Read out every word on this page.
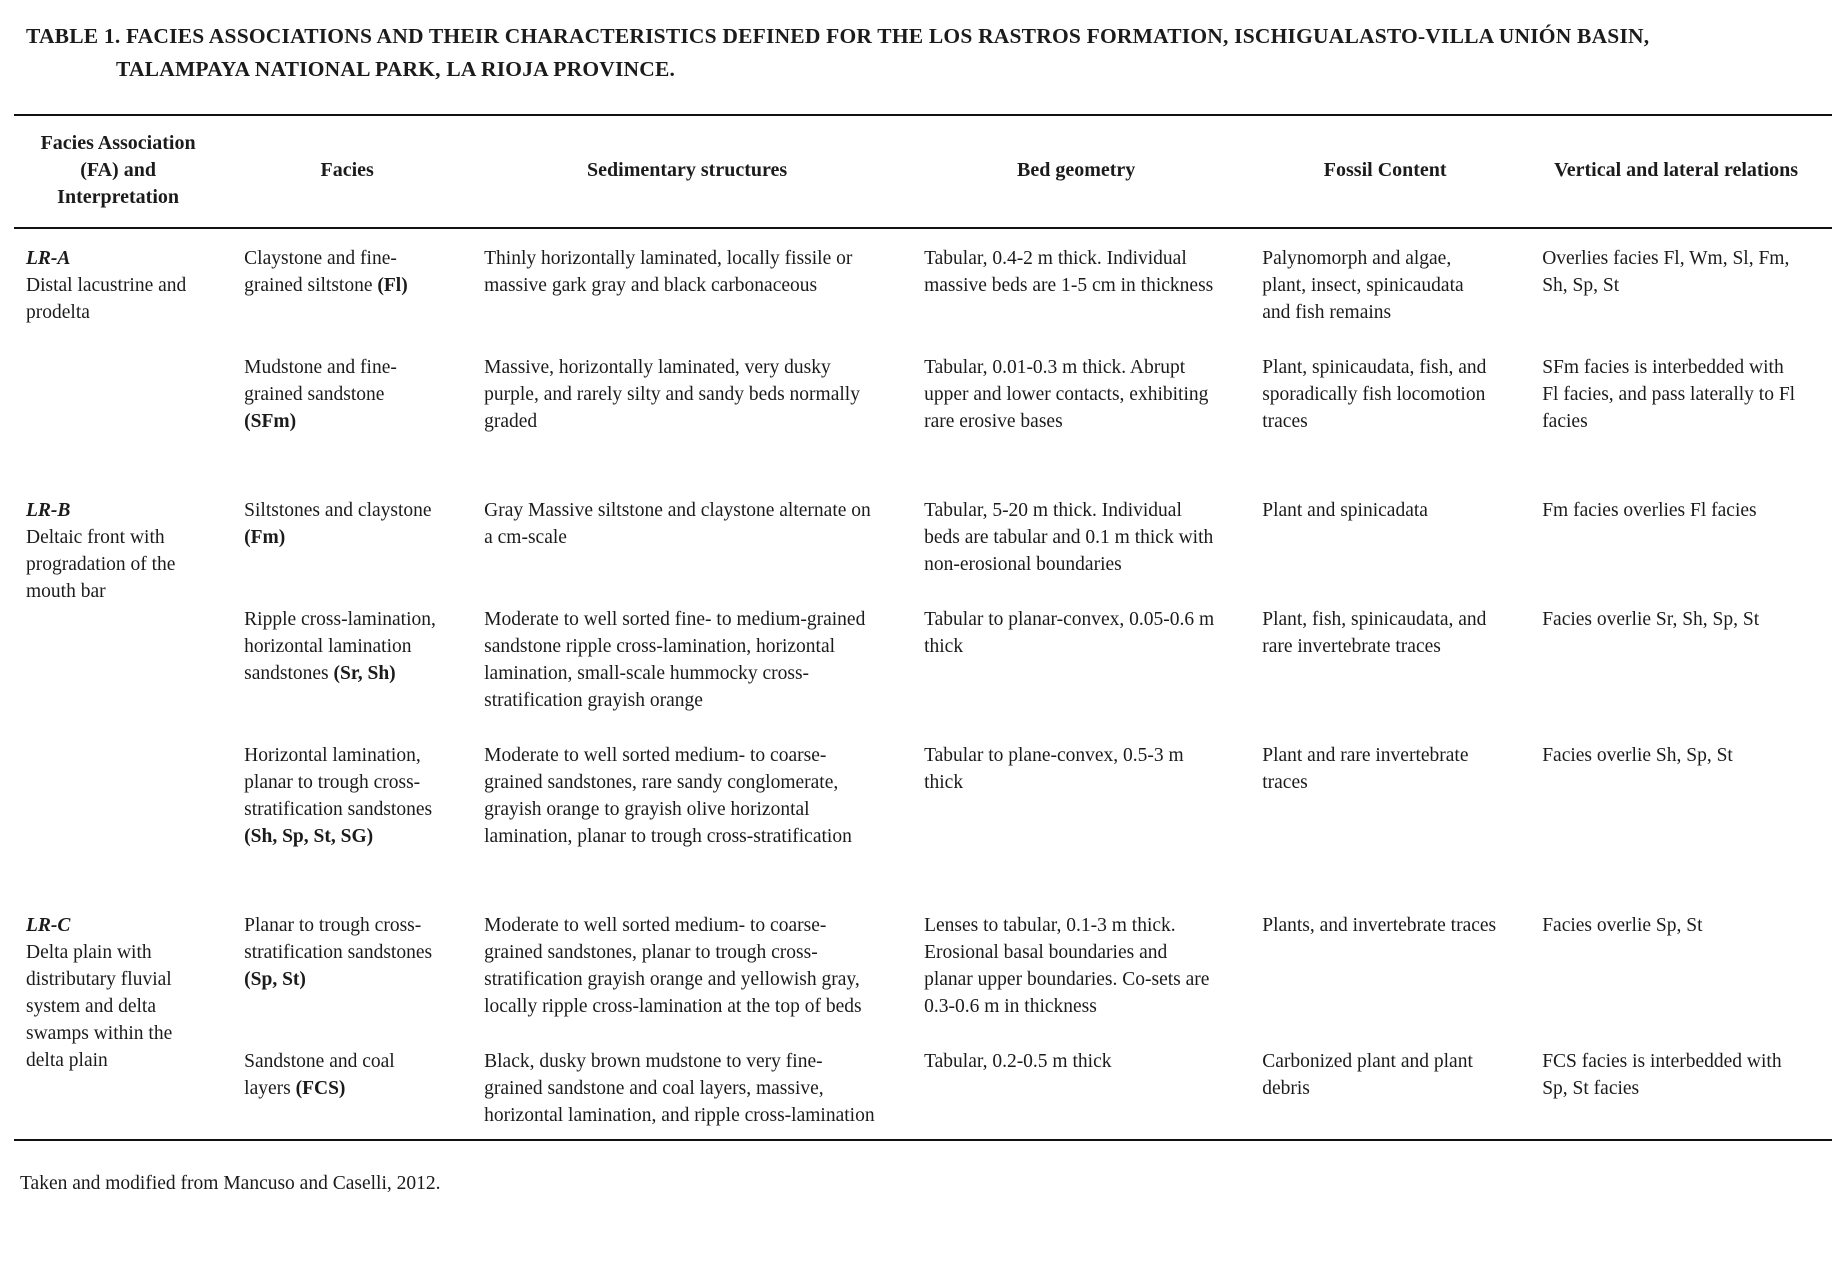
TABLE 1. FACIES ASSOCIATIONS AND THEIR CHARACTERISTICS DEFINED FOR THE LOS RASTROS FORMATION, ISCHIGUALASTO-VILLA UNIÓN BASIN, TALAMPAYA NATIONAL PARK, LA RIOJA PROVINCE.
Facies Association (FA) and Interpretation	Facies	Sedimentary structures	Bed geometry	Fossil Content	Vertical and lateral relations

LR-A
Distal lacustrine and prodelta	Claystone and fine-grained siltstone (Fl)	Thinly horizontally laminated, locally fissile or massive gark gray and black carbonaceous	Tabular, 0.4-2 m thick. Individual massive beds are 1-5 cm in thickness	Palynomorph and algae, plant, insect, spinicaudata and fish remains	Overlies facies Fl, Wm, Sl, Fm, Sh, Sp, St
	Mudstone and fine-grained sandstone (SFm)	Massive, horizontally laminated, very dusky purple, and rarely silty and sandy beds normally graded	Tabular, 0.01-0.3 m thick. Abrupt upper and lower contacts, exhibiting rare erosive bases	Plant, spinicaudata, fish, and sporadically fish locomotion traces	SFm facies is interbedded with Fl facies, and pass laterally to Fl facies

LR-B
Deltaic front with progradation of the mouth bar	Siltstones and claystone (Fm)	Gray Massive siltstone and claystone alternate on a cm-scale	Tabular, 5-20 m thick. Individual beds are tabular and 0.1 m thick with non-erosional boundaries	Plant and spinicadata	Fm facies overlies Fl facies
	Ripple cross-lamination, horizontal lamination sandstones (Sr, Sh)	Moderate to well sorted fine- to medium-grained sandstone ripple cross-lamination, horizontal lamination, small-scale hummocky cross-stratification grayish orange	Tabular to planar-convex, 0.05-0.6 m thick	Plant, fish, spinicaudata, and rare invertebrate traces	Facies overlie Sr, Sh, Sp, St
	Horizontal lamination, planar to trough cross-stratification sandstones (Sh, Sp, St, SG)	Moderate to well sorted medium- to coarse-grained sandstones, rare sandy conglomerate, grayish orange to grayish olive horizontal lamination, planar to trough cross-stratification	Tabular to plane-convex, 0.5-3 m thick	Plant and rare invertebrate traces	Facies overlie Sh, Sp, St

LR-C
Delta plain with distributary fluvial system and delta swamps within the delta plain	Planar to trough cross-stratification sandstones (Sp, St)	Moderate to well sorted medium- to coarse-grained sandstones, planar to trough cross-stratification grayish orange and yellowish gray, locally ripple cross-lamination at the top of beds	Lenses to tabular, 0.1-3 m thick. Erosional basal boundaries and planar upper boundaries. Co-sets are 0.3-0.6 m in thickness	Plants, and invertebrate traces	Facies overlie Sp, St
	Sandstone and coal layers (FCS)	Black, dusky brown mudstone to very fine-grained sandstone and coal layers, massive, horizontal lamination, and ripple cross-lamination	Tabular, 0.2-0.5 m thick	Carbonized plant and plant debris	FCS facies is interbedded with Sp, St facies
Taken and modified from Mancuso and Caselli, 2012.
